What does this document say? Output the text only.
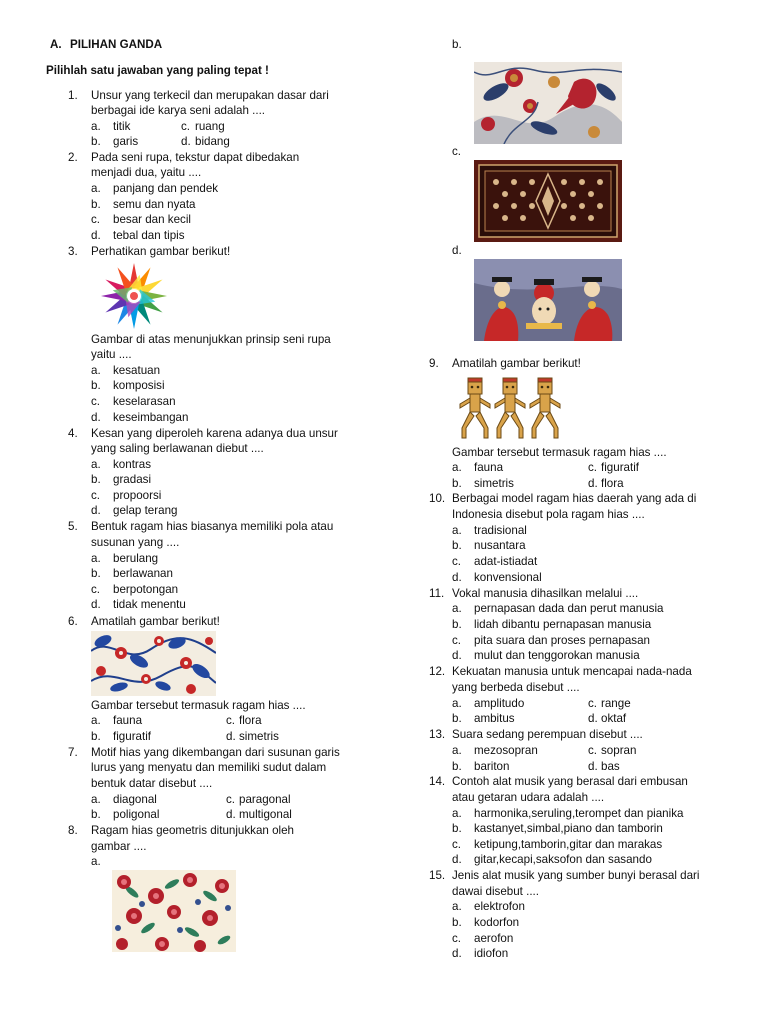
A. PILIHAN GANDA
Pilihlah satu jawaban yang paling tepat !
1. Unsur yang terkecil dan merupakan dasar dari
berbagai ide karya seni adalah ....
a. titik	c. ruang
b. garis	d. bidang
2. Pada seni rupa, tekstur dapat dibedakan
menjadi dua, yaitu ....
a. panjang dan pendek
b. semu dan nyata
c. besar dan kecil
d. tebal dan tipis
3. Perhatikan gambar berikut!
Gambar di atas menunjukkan prinsip seni rupa
yaitu ....
a. kesatuan
b. komposisi
c. keselarasan
d. keseimbangan
4. Kesan yang diperoleh karena adanya dua unsur
yang saling berlawanan diebut ....
a. kontras
b. gradasi
c. propoorsi
d. gelap terang
5. Bentuk ragam hias biasanya memiliki pola atau
susunan yang ....
a. berulang
b. berlawanan
c. berpotongan
d. tidak menentu
6. Amatilah gambar berikut!
Gambar tersebut termasuk ragam hias ....
a. fauna	c. flora
b. figuratif	d. simetris
7. Motif hias yang dikembangan dari susunan garis
lurus yang menyatu dan memiliki sudut dalam
bentuk datar disebut ....
a. diagonal	c. paragonal
b. poligonal	d. multigonal
8. Ragam hias geometris ditunjukkan oleh
gambar ....
a.
b.
c.
d.
9. Amatilah gambar berikut!
Gambar tersebut termasuk ragam hias ....
a. fauna	c. figuratif
b. simetris	d. flora
10. Berbagai model ragam hias daerah yang ada di
Indonesia disebut pola ragam hias ....
a. tradisional
b. nusantara
c. adat-istiadat
d. konvensional
11. Vokal manusia dihasilkan melalui ....
a. pernapasan dada dan perut manusia
b. lidah dibantu pernapasan manusia
c. pita suara dan proses pernapasan
d. mulut dan tenggorokan manusia
12. Kekuatan manusia untuk mencapai nada-nada
yang berbeda disebut ....
a. amplitudo	c. range
b. ambitus	d. oktaf
13. Suara sedang perempuan disebut ....
a. mezosopran	c. sopran
b. bariton	d. bas
14. Contoh alat musik yang berasal dari embusan
atau getaran udara adalah ....
a. harmonika,seruling,terompet dan pianika
b. kastanyet,simbal,piano dan tamborin
c. ketipung,tamborin,gitar dan marakas
d. gitar,kecapi,saksofon dan sasando
15. Jenis alat musik yang sumber bunyi berasal dari
dawai disebut ....
a. elektrofon
b. kodorfon
c. aerofon
d. idiofon
